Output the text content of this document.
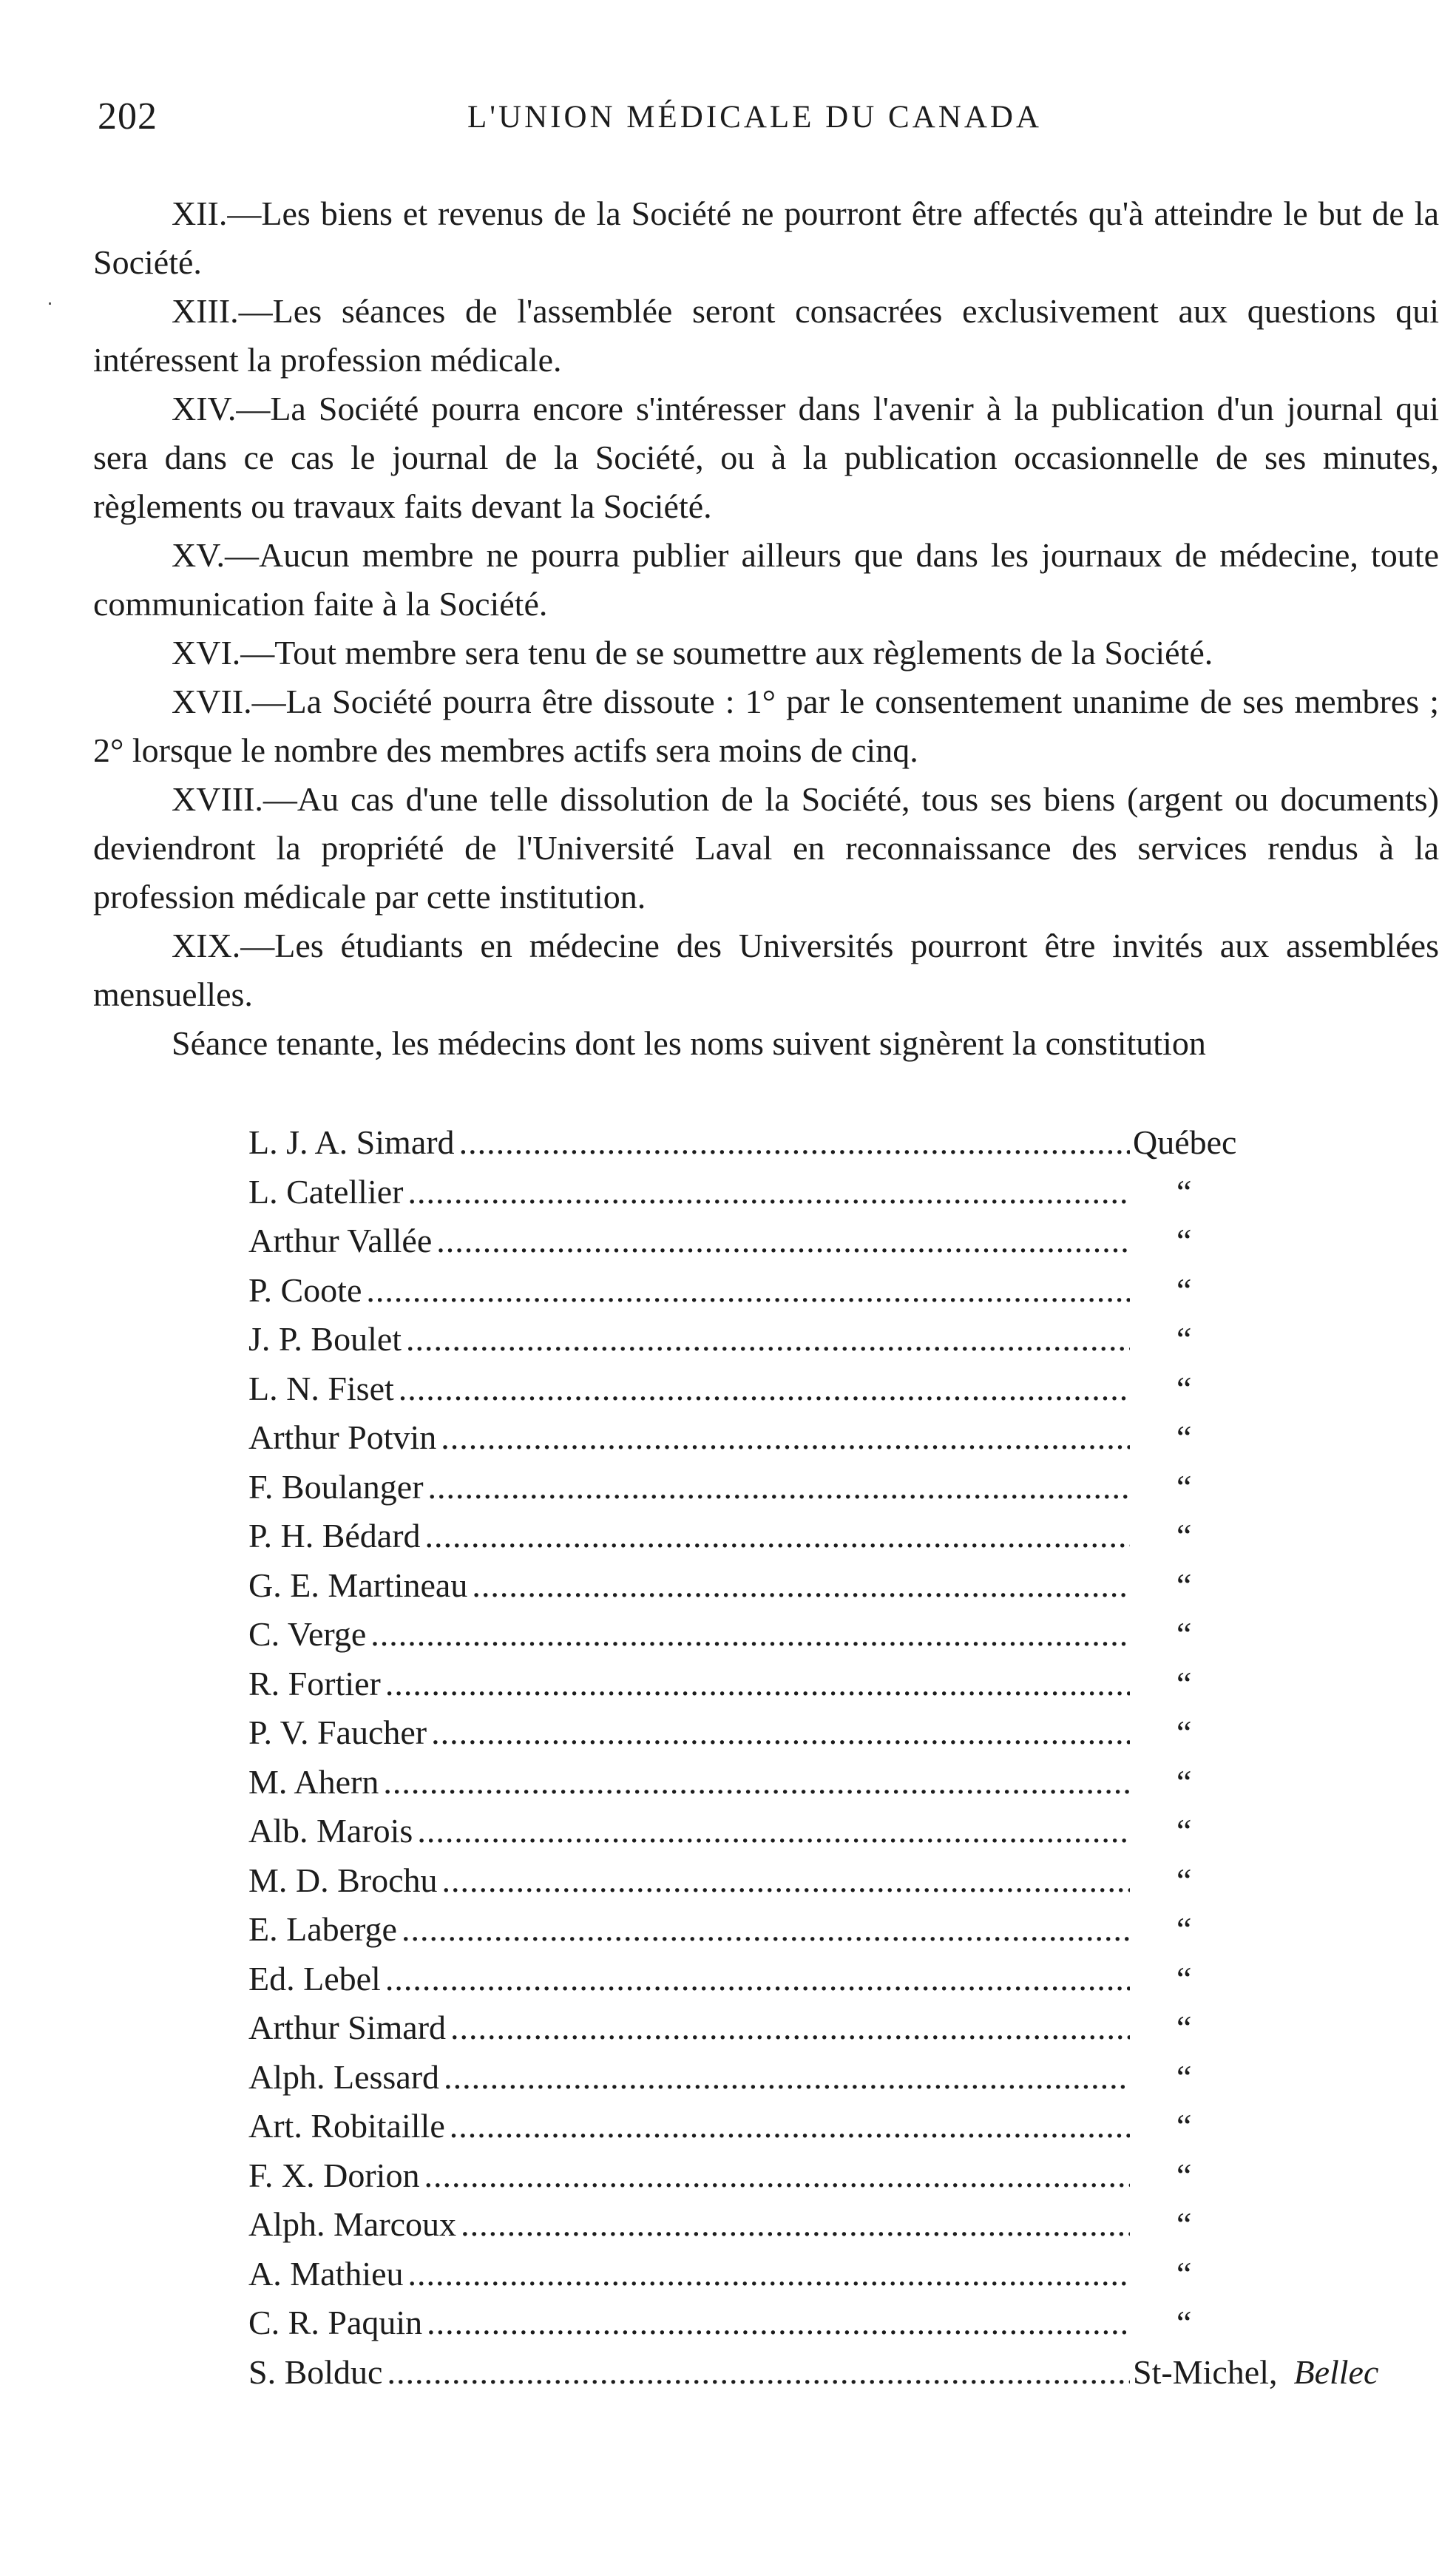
202	L'UNION MÉDICALE DU CANADA

XII.—Les biens et revenus de la Société ne pourront être affectés qu'à atteindre le but de la Société.

XIII.—Les séances de l'assemblée seront consacrées exclusivement aux questions qui intéressent la profession médicale.

XIV.—La Société pourra encore s'intéresser dans l'avenir à la publication d'un journal qui sera dans ce cas le journal de la Société, ou à la publication occasionnelle de ses minutes, règlements ou travaux faits devant la Société.

XV.—Aucun membre ne pourra publier ailleurs que dans les journaux de médecine, toute communication faite à la Société.

XVI.—Tout membre sera tenu de se soumettre aux règlements de la Société.

XVII.—La Société pourra être dissoute : 1° par le consentement unanime de ses membres ; 2° lorsque le nombre des membres actifs sera moins de cinq.

XVIII.—Au cas d'une telle dissolution de la Société, tous ses biens (argent ou documents) deviendront la propriété de l'Université Laval en reconnaissance des services rendus à la profession médicale par cette institution.

XIX.—Les étudiants en médecine des Universités pourront être invités aux assemblées mensuelles.

Séance tenante, les médecins dont les noms suivent signèrent la constitution

L. J. A. Simard .....	Québec
L. Catellier .....	“
Arthur Vallée .....	“
P. Coote .....	“
J. P. Boulet .....	“
L. N. Fiset .....	“
Arthur Potvin .....	“
F. Boulanger .....	“
P. H. Bédard .....	“
G. E. Martineau .....	“
C. Verge .....	“
R. Fortier .....	“
P. V. Faucher .....	“
M. Ahern .....	“
Alb. Marois .....	“
M. D. Brochu .....	“
E. Laberge .....	“
Ed. Lebel .....	“
Arthur Simard .....	“
Alph. Lessard .....	“
Art. Robitaille .....	“
F. X. Dorion .....	“
Alph. Marcoux .....	“
A. Mathieu .....	“
C. R. Paquin .....	“
S. Bolduc .....	St-Michel, Bellec
